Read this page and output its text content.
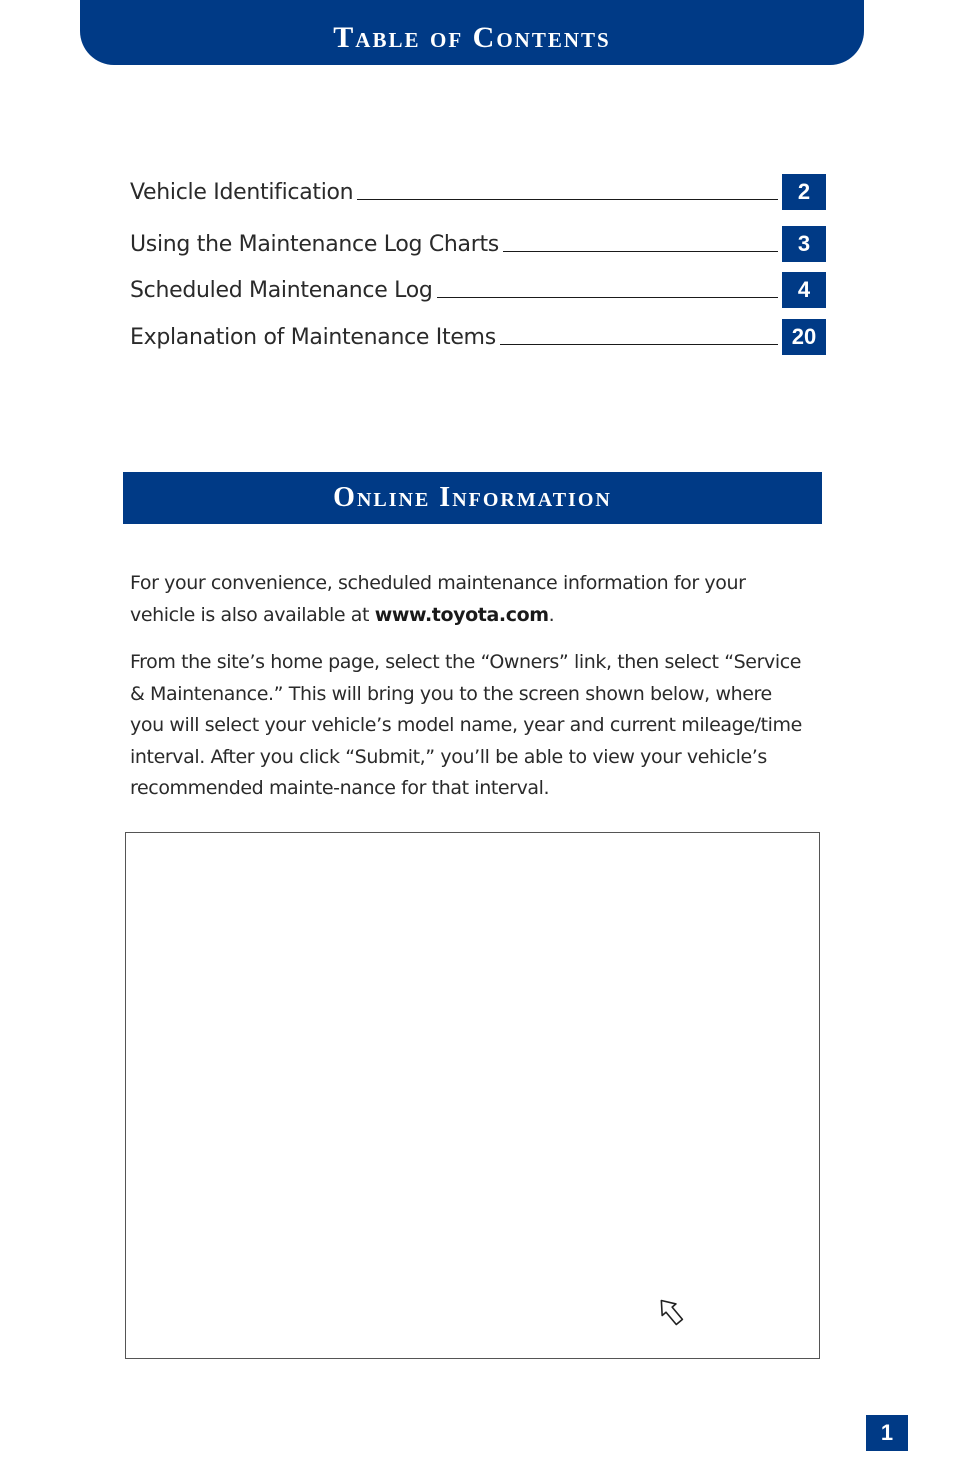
Table of Contents
Vehicle Identification	2
Using the Maintenance Log Charts	3
Scheduled Maintenance Log	4
Explanation of Maintenance Items	20
Online Information

For your convenience, scheduled maintenance information for your vehicle is also available at www.toyota.com.

From the site’s home page, select the “Owners” link, then select “Service & Maintenance.” This will bring you to the screen shown below, where you will select your vehicle’s model name, year and current mileage/time interval. After you click “Submit,” you’ll be able to view your vehicle’s recommended mainte-nance for that interval.

1
